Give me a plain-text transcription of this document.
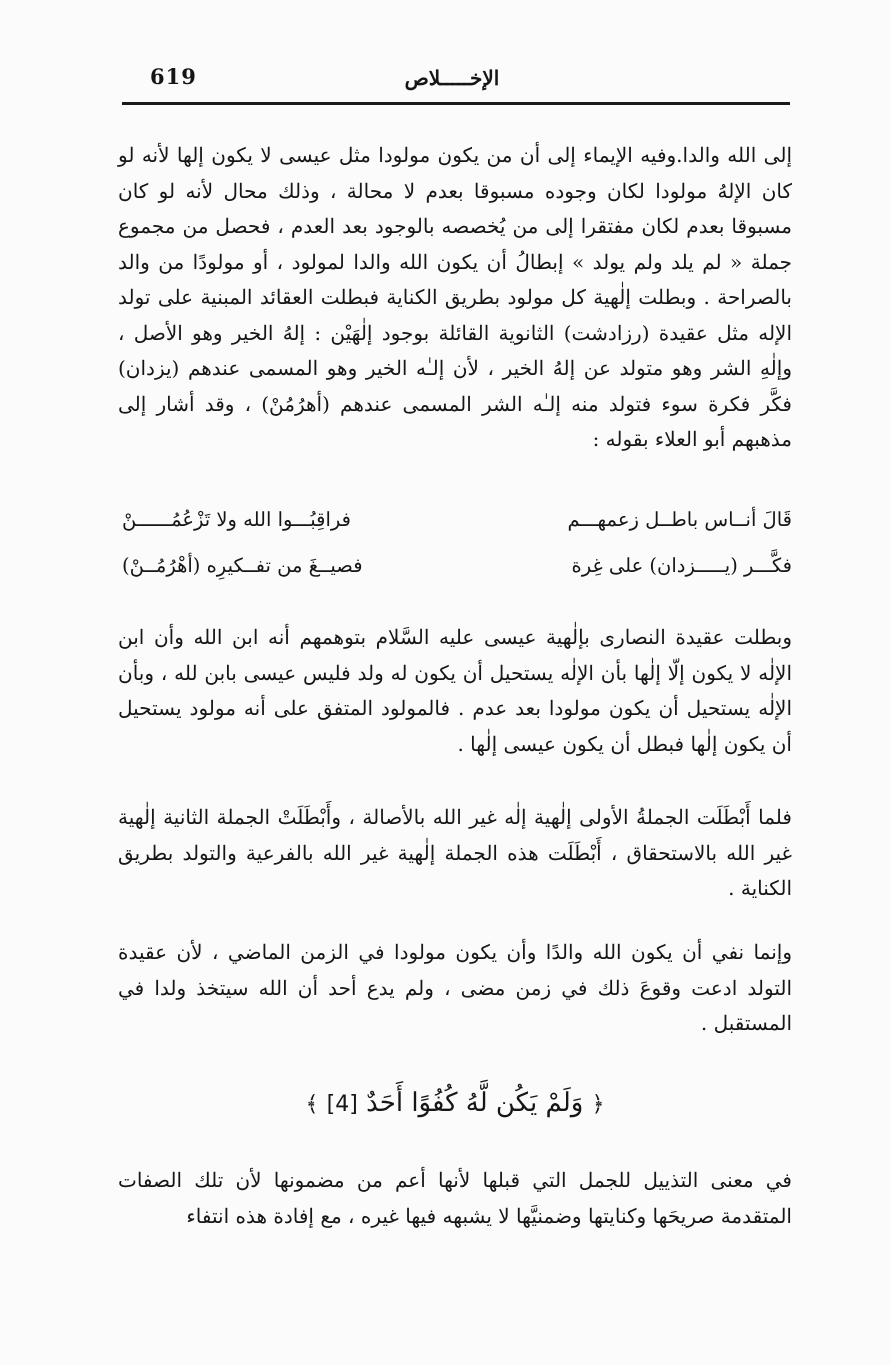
619	الإخـــــلاص

إلى الله والدا.وفيه الإيماء إلى أن من يكون مولودا مثل عيسى لا يكون إلها لأنه لو كان الإلهُ مولودا لكان وجوده مسبوقا بعدم لا محالة ، وذلك محال لأنه لو كان مسبوقا بعدم لكان مفتقرا إلى من يُخصصه بالوجود بعد العدم ، فحصل من مجموع جملة « لم يلد ولم يولد » إبطالُ أن يكون الله والدا لمولود ، أو مولودًا من والد بالصراحة . وبطلت إلٰهية كل مولود بطريق الكناية فبطلت العقائد المبنية على تولد الإله مثل عقيدة (رزادشت) الثانوية القائلة بوجود إلٰهَيْن : إلهُ الخير وهو الأصل ، وإلٰهِ الشر وهو متولد عن إلهُ الخير ، لأن إلـٰه الخير وهو المسمى عندهم (يزدان) فكَّر فكرة سوء فتولد منه إلـٰه الشر المسمى عندهم (أهرُمُنْ) ، وقد أشار إلى مذهبهم أبو العلاء بقوله :

قَالَ أنــاس باطــل زعمهـــم
فراقِبُـــوا الله ولا تَزْعُمُــــــنْ
فكَّـــر (يـــــزدان) على غِرة
فصيــغَ من تفــكيرِه (أهْرُمُــنْ)

وبطلت عقيدة النصارى بإلٰهية عيسى عليه السَّلام بتوهمهم أنه ابن الله وأن ابن الإلٰه لا يكون إلّا إلٰها بأن الإلٰه يستحيل أن يكون له ولد فليس عيسى بابن لله ، وبأن الإلٰه يستحيل أن يكون مولودا بعد عدم . فالمولود المتفق على أنه مولود يستحيل أن يكون إلٰها فبطل أن يكون عيسى إلٰها .

فلما أَبْطَلَت الجملةُ الأولى إلٰهية إلٰه غير الله بالأصالة ، وأَبْطَلَتْ الجملة الثانية إلٰهية غير الله بالاستحقاق ، أَبْطَلَت هذه الجملة إلٰهية غير الله بالفرعية والتولد بطريق الكناية .

وإنما نفي أن يكون الله والدًا وأن يكون مولودا في الزمن الماضي ، لأن عقيدة التولد ادعت وقوعَ ذلك في زمن مضى ، ولم يدع أحد أن الله سيتخذ ولدا في المستقبل .

﴿ وَلَمْ يَكُن لَّهُ كُفُوًا أَحَدٌ [4] ﴾

في معنى التذييل للجمل التي قبلها لأنها أعم من مضمونها لأن تلك الصفات المتقدمة صريحَها وكنايتها وضمنيَّها لا يشبهه فيها غيره ، مع إفادة هذه انتفاء
